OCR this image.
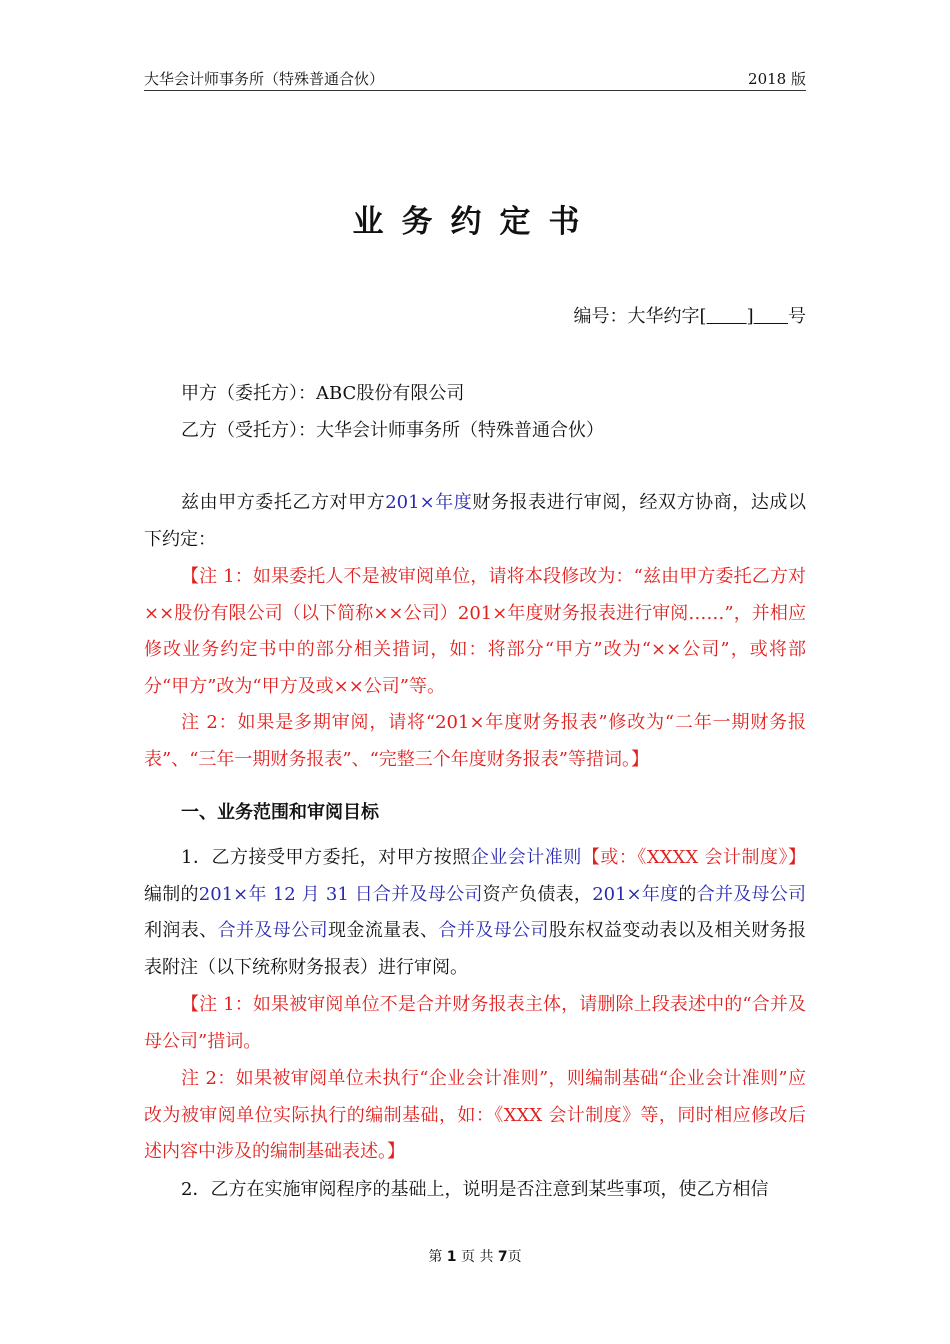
大华会计师事务所（特殊普通合伙）	2018 版
业务约定书
编号：大华约字[ ] 号
甲方（委托方）：ABC股份有限公司
乙方（受托方）：大华会计师事务所（特殊普通合伙）
兹由甲方委托乙方对甲方201×年度财务报表进行审阅，经双方协商，达成以下约定：
【注 1：如果委托人不是被审阅单位，请将本段修改为：“兹由甲方委托乙方对××股份有限公司（以下简称××公司）201×年度财务报表进行审阅……”，并相应修改业务约定书中的部分相关措词，如：将部分“甲方”改为“××公司”，或将部分“甲方”改为“甲方及或××公司”等。
注 2：如果是多期审阅，请将“201×年度财务报表”修改为“二年一期财务报表”、“三年一期财务报表”、“完整三个年度财务报表”等措词。】
一、业务范围和审阅目标
1．乙方接受甲方委托，对甲方按照企业会计准则【或：《XXXX 会计制度》】编制的201×年 12 月 31 日合并及母公司资产负债表，201×年度的合并及母公司利润表、合并及母公司现金流量表、合并及母公司股东权益变动表以及相关财务报表附注（以下统称财务报表）进行审阅。
【注 1：如果被审阅单位不是合并财务报表主体，请删除上段表述中的“合并及母公司”措词。
注 2：如果被审阅单位未执行“企业会计准则”，则编制基础“企业会计准则”应改为被审阅单位实际执行的编制基础，如：《XXX 会计制度》等，同时相应修改后述内容中涉及的编制基础表述。】
2．乙方在实施审阅程序的基础上，说明是否注意到某些事项，使乙方相信
第 1 页 共 7页
